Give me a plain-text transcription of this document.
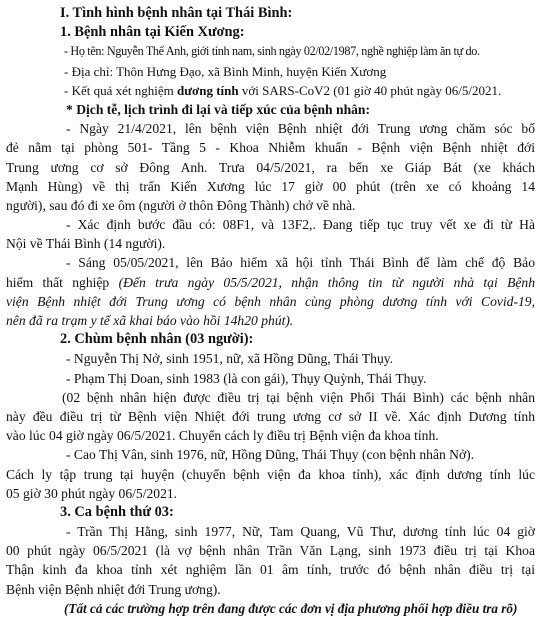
I. Tình hình bệnh nhân tại Thái Bình:
1. Bệnh nhân tại Kiến Xương:
- Họ tên: Nguyễn Thế Anh, giới tính nam, sinh ngày 02/02/1987, nghề nghiệp làm ăn tự do.
- Địa chỉ: Thôn Hưng Đạo, xã Bình Minh, huyện Kiến Xương
- Kết quả xét nghiệm dương tính với SARS-CoV2 (01 giờ 40 phút ngày 06/5/2021.
* Dịch tễ, lịch trình đi lại và tiếp xúc của bệnh nhân:
- Ngày 21/4/2021, lên bệnh viện Bệnh nhiệt đới Trung ương chăm sóc bố
đẻ nằm tại phòng 501- Tầng 5 - Khoa Nhiễm khuẩn - Bệnh viện Bệnh nhiệt đới
Trung ương cơ sở Đông Anh. Trưa 04/5/2021, ra bến xe Giáp Bát (xe khách
Mạnh Hùng) về thị trấn Kiến Xương lúc 17 giờ 00 phút (trên xe có khoảng 14
người), sau đó đi xe ôm (người ở thôn Đông Thành) chở về nhà.
- Xác định bước đầu có: 08F1, và 13F2,. Đang tiếp tục truy vết xe đi từ Hà
Nội về Thái Bình (14 người).
- Sáng 05/05/2021, lên Bảo hiểm xã hội tỉnh Thái Bình để làm chế độ Bảo
hiểm thất nghiệp (Đến trưa ngày 05/5/2021, nhận thông tin từ người nhà tại Bệnh
viện Bệnh nhiệt đới Trung ương có bệnh nhân cùng phòng dương tính với Covid-19,
nên đã ra trạm y tế xã khai báo vào hồi 14h20 phút).
2. Chùm bệnh nhân (03 người):
- Nguyễn Thị Nở, sinh 1951, nữ, xã Hồng Dũng, Thái Thụy.
- Phạm Thị Doan, sinh 1983 (là con gái), Thụy Quỳnh, Thái Thụy.
(02 bệnh nhân hiện được điều trị tại bệnh viện Phổi Thái Bình) các bệnh nhân
này đều điều trị từ Bệnh viện Nhiệt đới trung ương cơ sở II về. Xác định Dương tính
vào lúc 04 giờ ngày 06/5/2021. Chuyển cách ly điều trị Bệnh viện đa khoa tỉnh.
- Cao Thị Vân, sinh 1976, nữ, Hồng Dũng, Thái Thụy (con bệnh nhân Nở).
Cách ly tập trung tại huyện (chuyển bệnh viện đa khoa tỉnh), xác định dương tính lúc
05 giờ 30 phút ngày 06/5/2021.
3. Ca bệnh thứ 03:
- Trần Thị Hằng, sinh 1977, Nữ, Tam Quang, Vũ Thư, dương tính lúc 04 giờ
00 phút ngày 06/5/2021 (là vợ bệnh nhân Trần Văn Lạng, sinh 1973 điều trị tại Khoa
Thận kinh đa khoa tỉnh xét nghiệm lần 01 âm tính, trước đó bệnh nhân điều trị tại
Bệnh viện Bệnh nhiệt đới Trung ương).
(Tất cả các trường hợp trên đang được các đơn vị địa phương phối hợp điều tra rõ)
